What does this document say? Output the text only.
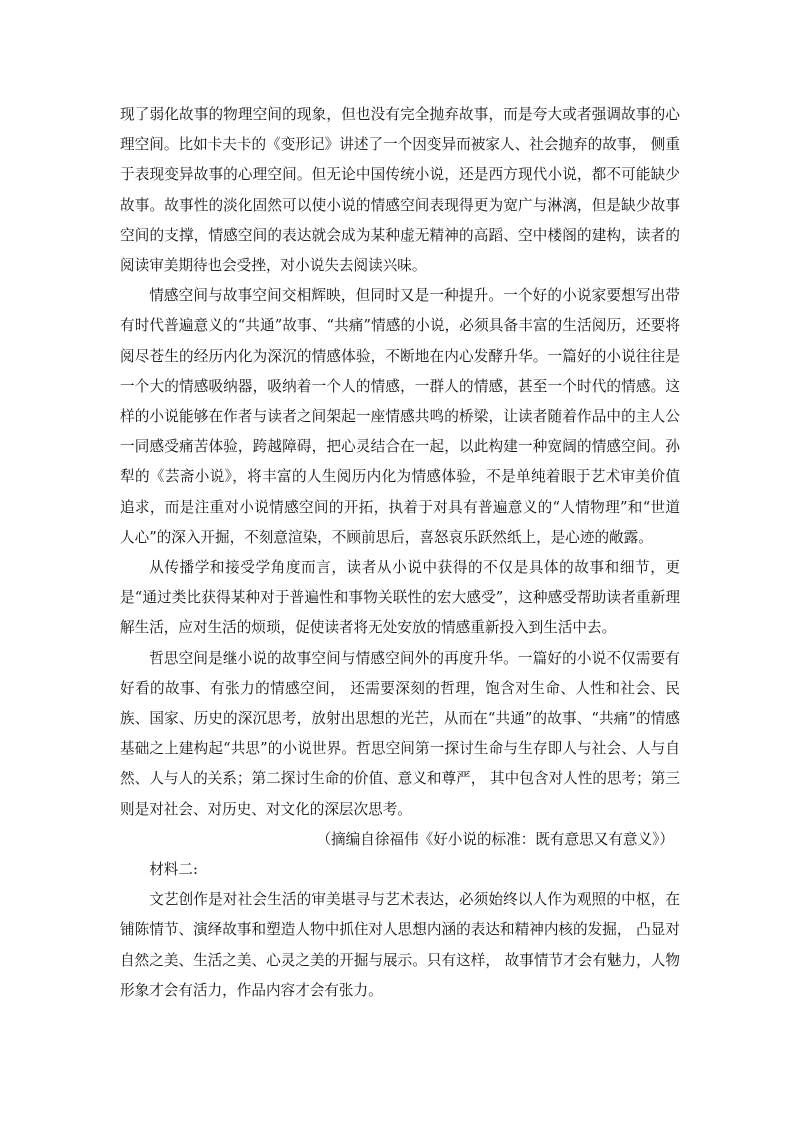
现了弱化故事的物理空间的现象，但也没有完全抛弃故事，而是夸大或者强调故事的心理空间。比如卡夫卡的《变形记》讲述了一个因变异而被家人、社会抛弃的故事， 侧重于表现变异故事的心理空间。但无论中国传统小说，还是西方现代小说，都不可能缺少故事。故事性的淡化固然可以使小说的情感空间表现得更为宽广与淋漓，但是缺少故事空间的支撑，情感空间的表达就会成为某种虚无精神的高蹈、空中楼阁的建构，读者的阅读审美期待也会受挫，对小说失去阅读兴味。

情感空间与故事空间交相辉映，但同时又是一种提升。一个好的小说家要想写出带有时代普遍意义的“共通”故事、“共痛”情感的小说，必须具备丰富的生活阅历，还要将阅尽苍生的经历内化为深沉的情感体验，不断地在内心发酵升华。一篇好的小说往往是一个大的情感吸纳器，吸纳着一个人的情感，一群人的情感，甚至一个时代的情感。这样的小说能够在作者与读者之间架起一座情感共鸣的桥梁，让读者随着作品中的主人公一同感受痛苦体验，跨越障碍，把心灵结合在一起，以此构建一种宽阔的情感空间。孙犁的《芸斋小说》，将丰富的人生阅历内化为情感体验，不是单纯着眼于艺术审美价值追求，而是注重对小说情感空间的开拓，执着于对具有普遍意义的“人情物理”和“世道人心”的深入开掘，不刻意渲染，不顾前思后，喜怒哀乐跃然纸上，是心迹的敞露。

从传播学和接受学角度而言，读者从小说中获得的不仅是具体的故事和细节，更是“通过类比获得某种对于普遍性和事物关联性的宏大感受”，这种感受帮助读者重新理解生活，应对生活的烦琐，促使读者将无处安放的情感重新投入到生活中去。

哲思空间是继小说的故事空间与情感空间外的再度升华。一篇好的小说不仅需要有好看的故事、有张力的情感空间， 还需要深刻的哲理，饱含对生命、人性和社会、民族、国家、历史的深沉思考，放射出思想的光芒，从而在“共通”的故事、“共痛”的情感基础之上建构起“共思”的小说世界。哲思空间第一探讨生命与生存即人与社会、人与自然、人与人的关系；第二探讨生命的价值、意义和尊严， 其中包含对人性的思考；第三则是对社会、对历史、对文化的深层次思考。

（摘编自徐福伟《好小说的标准：既有意思又有意义》）

材料二:

文艺创作是对社会生活的审美堪寻与艺术表达，必须始终以人作为观照的中枢，在铺陈情节、演绎故事和塑造人物中抓住对人思想内涵的表达和精神内核的发掘， 凸显对自然之美、生活之美、心灵之美的开掘与展示。只有这样， 故事情节才会有魅力，人物形象才会有活力，作品内容才会有张力。
